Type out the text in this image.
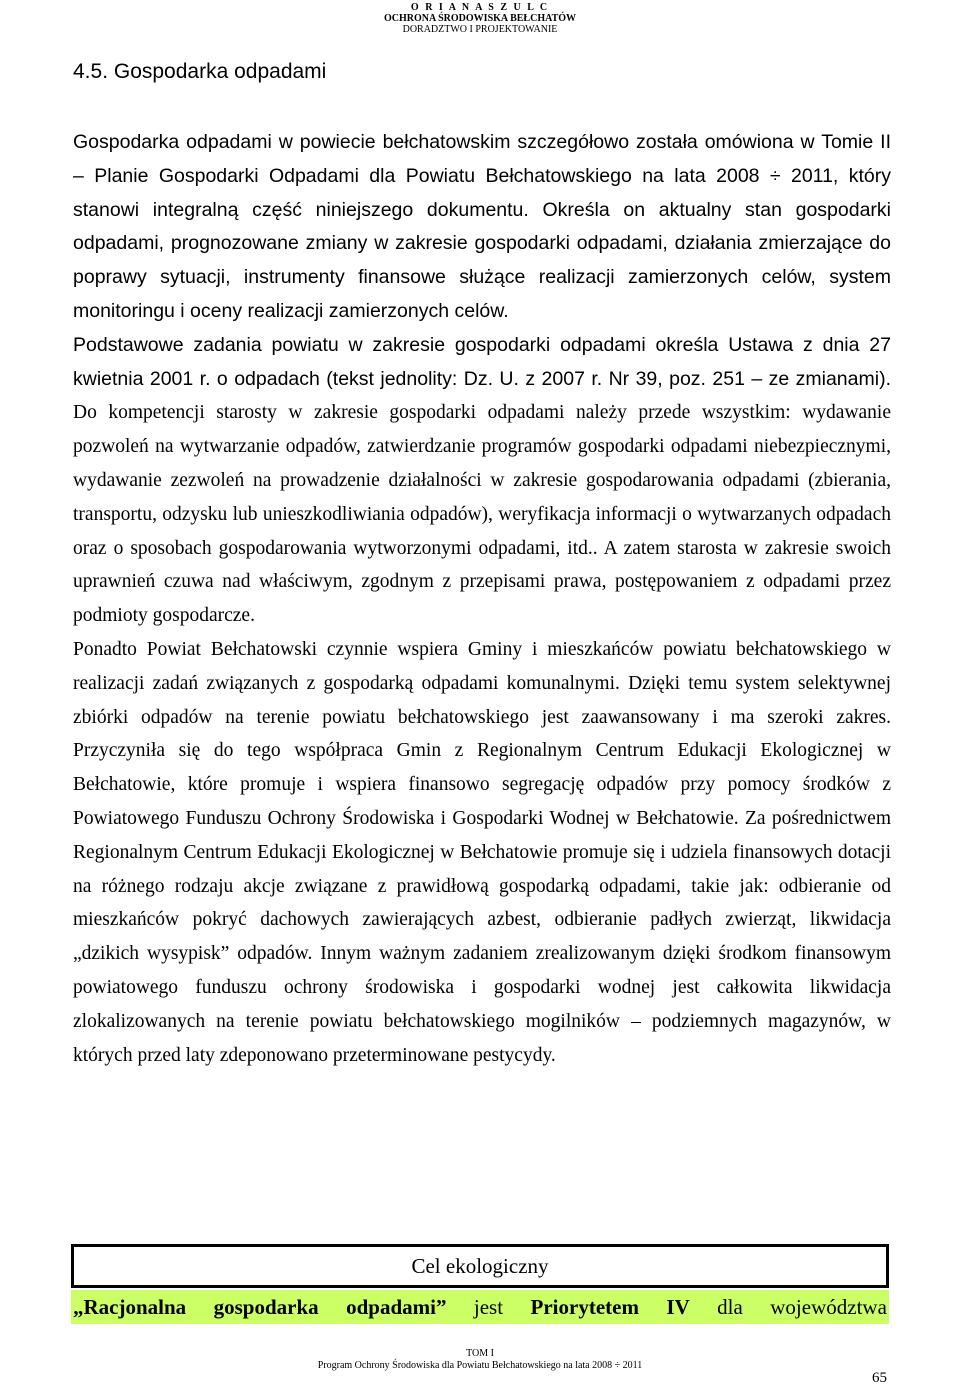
O R I A N A S Z U L C
OCHRONA ŚRODOWISKA BEŁCHATÓW
DORADZTWO I PROJEKTOWANIE
4.5. Gospodarka odpadami

Gospodarka odpadami w powiecie bełchatowskim szczegółowo została omówiona w Tomie II – Planie Gospodarki Odpadami dla Powiatu Bełchatowskiego na lata 2008 ÷ 2011, który stanowi integralną część niniejszego dokumentu. Określa on aktualny stan gospodarki odpadami, prognozowane zmiany w zakresie gospodarki odpadami, działania zmierzające do poprawy sytuacji, instrumenty finansowe służące realizacji zamierzonych celów, system monitoringu i oceny realizacji zamierzonych celów.

Podstawowe zadania powiatu w zakresie gospodarki odpadami określa Ustawa z dnia 27 kwietnia 2001 r. o odpadach (tekst jednolity: Dz. U. z 2007 r. Nr 39, poz. 251 – ze zmianami). Do kompetencji starosty w zakresie gospodarki odpadami należy przede wszystkim: wydawanie pozwoleń na wytwarzanie odpadów, zatwierdzanie programów gospodarki odpadami niebezpiecznymi, wydawanie zezwoleń na prowadzenie działalności w zakresie gospodarowania odpadami (zbierania, transportu, odzysku lub unieszkodliwiania odpadów), weryfikacja informacji o wytwarzanych odpadach oraz o sposobach gospodarowania wytworzonymi odpadami, itd.. A zatem starosta w zakresie swoich uprawnień czuwa nad właściwym, zgodnym z przepisami prawa, postępowaniem z odpadami przez podmioty gospodarcze.

Ponadto Powiat Bełchatowski czynnie wspiera Gminy i mieszkańców powiatu bełchatowskiego w realizacji zadań związanych z gospodarką odpadami komunalnymi. Dzięki temu system selektywnej zbiórki odpadów na terenie powiatu bełchatowskiego jest zaawansowany i ma szeroki zakres. Przyczyniła się do tego współpraca Gmin z Regionalnym Centrum Edukacji Ekologicznej w Bełchatowie, które promuje i wspiera finansowo segregację odpadów przy pomocy środków z Powiatowego Funduszu Ochrony Środowiska i Gospodarki Wodnej w Bełchatowie. Za pośrednictwem Regionalnym Centrum Edukacji Ekologicznej w Bełchatowie promuje się i udziela finansowych dotacji na różnego rodzaju akcje związane z prawidłową gospodarką odpadami, takie jak: odbieranie od mieszkańców pokryć dachowych zawierających azbest, odbieranie padłych zwierząt, likwidacja „dzikich wysypisk” odpadów. Innym ważnym zadaniem zrealizowanym dzięki środkom finansowym powiatowego funduszu ochrony środowiska i gospodarki wodnej jest całkowita likwidacja zlokalizowanych na terenie powiatu bełchatowskiego mogilników – podziemnych magazynów, w których przed laty zdeponowano przeterminowane pestycydy.

Cel ekologiczny
„Racjonalna gospodarka odpadami” jest Priorytetem IV dla województwa
TOM I
Program Ochrony Środowiska dla Powiatu Bełchatowskiego na lata 2008 ÷ 2011
65
